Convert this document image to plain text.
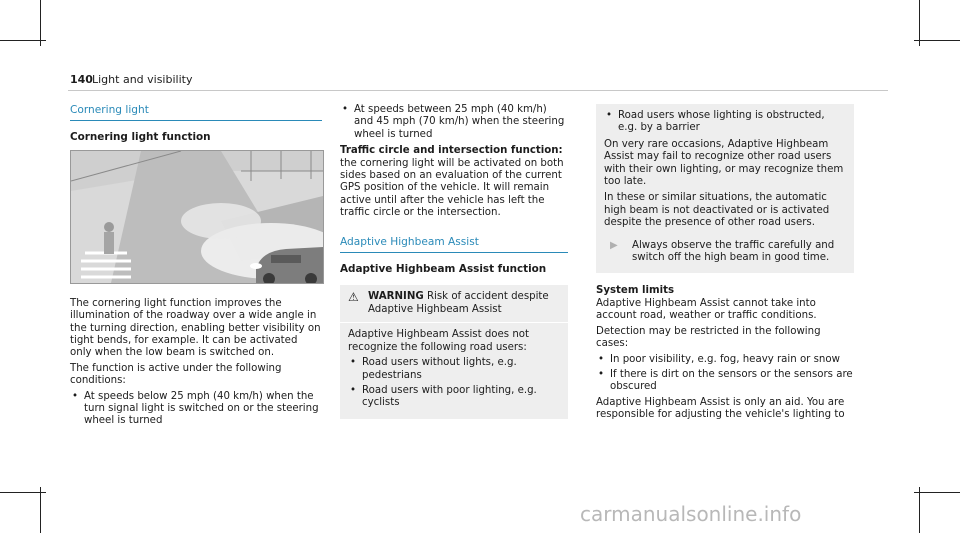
140 Light and visibility
Cornering light

Cornering light function

The cornering light function improves the illumination of the roadway over a wide angle in the turning direction, enabling better visibility on tight bends, for example. It can be activated only when the low beam is switched on.

The function is active under the following conditions:

• At speeds below 25 mph (40 km/h) when the turn signal light is switched on or the steering wheel is turned

• At speeds between 25 mph (40 km/h) and 45 mph (70 km/h) when the steering wheel is turned

Traffic circle and intersection function: the cornering light will be activated on both sides based on an evaluation of the current GPS position of the vehicle. It will remain active until after the vehicle has left the traffic circle or the intersection.

Adaptive Highbeam Assist

Adaptive Highbeam Assist function

⚠ WARNING Risk of accident despite Adaptive Highbeam Assist

Adaptive Highbeam Assist does not recognize the following road users:

• Road users without lights, e.g. pedestrians

• Road users with poor lighting, e.g. cyclists

• Road users whose lighting is obstructed, e.g. by a barrier

On very rare occasions, Adaptive Highbeam Assist may fail to recognize other road users with their own lighting, or may recognize them too late.

In these or similar situations, the automatic high beam is not deactivated or is activated despite the presence of other road users.

▶ Always observe the traffic carefully and switch off the high beam in good time.

System limits

Adaptive Highbeam Assist cannot take into account road, weather or traffic conditions.

Detection may be restricted in the following cases:

• In poor visibility, e.g. fog, heavy rain or snow

• If there is dirt on the sensors or the sensors are obscured

Adaptive Highbeam Assist is only an aid. You are responsible for adjusting the vehicle's lighting to

carmanualsonline.info
